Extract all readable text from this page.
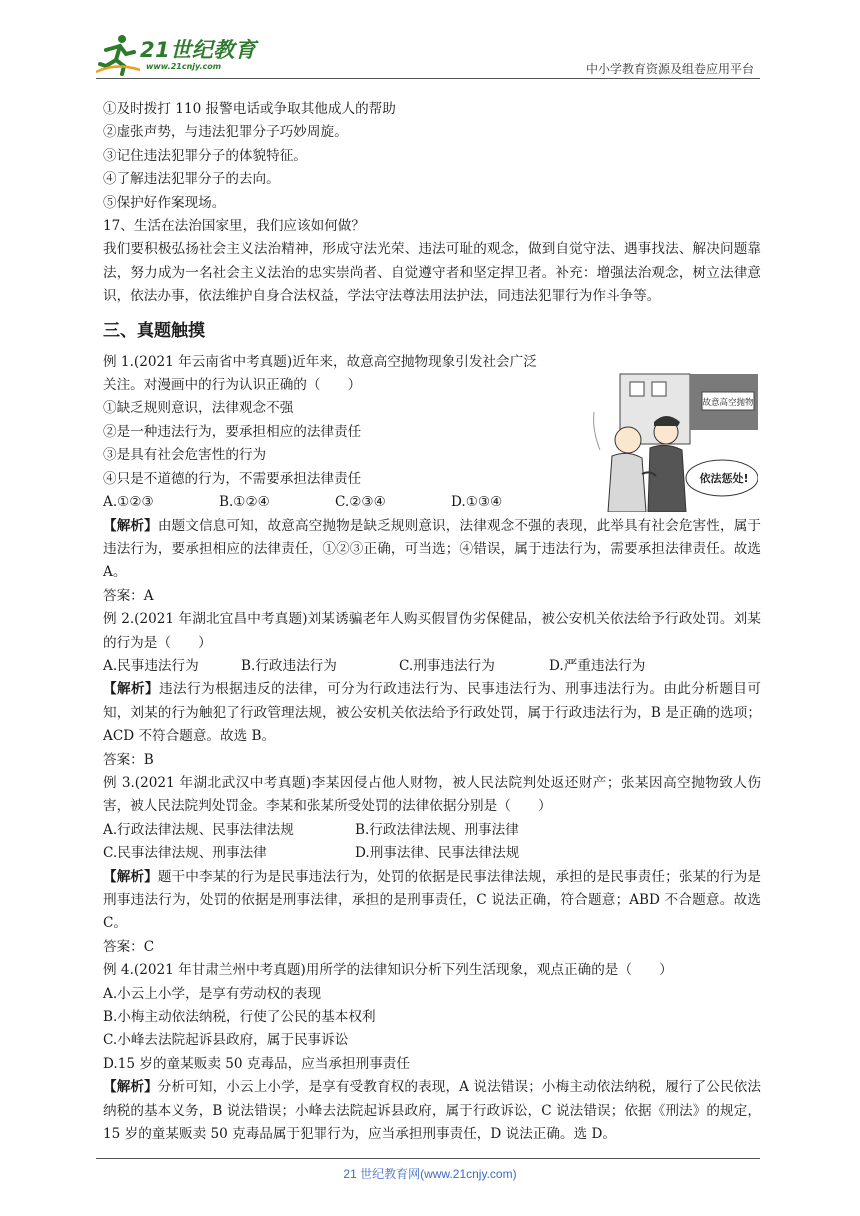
21世纪教育
www.21cnjy.com	中小学教育资源及组卷应用平台

①及时拨打 110 报警电话或争取其他成人的帮助

②虚张声势，与违法犯罪分子巧妙周旋。

③记住违法犯罪分子的体貌特征。

④了解违法犯罪分子的去向。

⑤保护好作案现场。

17、生活在法治国家里，我们应该如何做？

我们要积极弘扬社会主义法治精神，形成守法光荣、违法可耻的观念，做到自觉守法、遇事找法、解决问题靠法，努力成为一名社会主义法治的忠实崇尚者、自觉遵守者和坚定捍卫者。补充：增强法治观念，树立法律意识，依法办事，依法维护自身合法权益，学法守法尊法用法护法，同违法犯罪行为作斗争等。

三、真题触摸

例 1.(2021 年云南省中考真题)近年来，故意高空抛物现象引发社会广泛

关注。对漫画中的行为认识正确的（　　）

①缺乏规则意识，法律观念不强

②是一种违法行为，要承担相应的法律责任

③是具有社会危害性的行为

④只是不道德的行为，不需要承担法律责任

A.①②③	B.①②④	C.②③④	D.①③④

【解析】由题文信息可知，故意高空抛物是缺乏规则意识，法律观念不强的表现，此举具有社会危害性，属于违法行为，要承担相应的法律责任，①②③正确，可当选；④错误，属于违法行为，需要承担法律责任。故选 A。

答案：A

例 2.(2021 年湖北宜昌中考真题)刘某诱骗老年人购买假冒伪劣保健品，被公安机关依法给予行政处罚。刘某的行为是（　　）

A.民事违法行为	B.行政违法行为	C.刑事违法行为	D.严重违法行为

【解析】违法行为根据违反的法律，可分为行政违法行为、民事违法行为、刑事违法行为。由此分析题目可知，刘某的行为触犯了行政管理法规，被公安机关依法给予行政处罚，属于行政违法行为，B 是正确的选项；ACD 不符合题意。故选 B。

答案：B

例 3.(2021 年湖北武汉中考真题)李某因侵占他人财物，被人民法院判处返还财产；张某因高空抛物致人伤害，被人民法院判处罚金。李某和张某所受处罚的法律依据分别是（　　）

A.行政法律法规、民事法律法规	B.行政法律法规、刑事法律

C.民事法律法规、刑事法律	D.刑事法律、民事法律法规

【解析】题干中李某的行为是民事违法行为，处罚的依据是民事法律法规，承担的是民事责任；张某的行为是刑事违法行为，处罚的依据是刑事法律，承担的是刑事责任，C 说法正确，符合题意；ABD 不合题意。故选 C。

答案：C

例 4.(2021 年甘肃兰州中考真题)用所学的法律知识分析下列生活现象，观点正确的是（　　）

A.小云上小学，是享有劳动权的表现

B.小梅主动依法纳税，行使了公民的基本权利

C.小峰去法院起诉县政府，属于民事诉讼

D.15 岁的童某贩卖 50 克毒品，应当承担刑事责任

【解析】分析可知，小云上小学，是享有受教育权的表现，A 说法错误；小梅主动依法纳税，履行了公民依法纳税的基本义务，B 说法错误；小峰去法院起诉县政府，属于行政诉讼，C 说法错误；依据《刑法》的规定，15 岁的童某贩卖 50 克毒品属于犯罪行为，应当承担刑事责任，D 说法正确。选 D。

故意高空抛物
依法惩处!
21 世纪教育网(www.21cnjy.com)
